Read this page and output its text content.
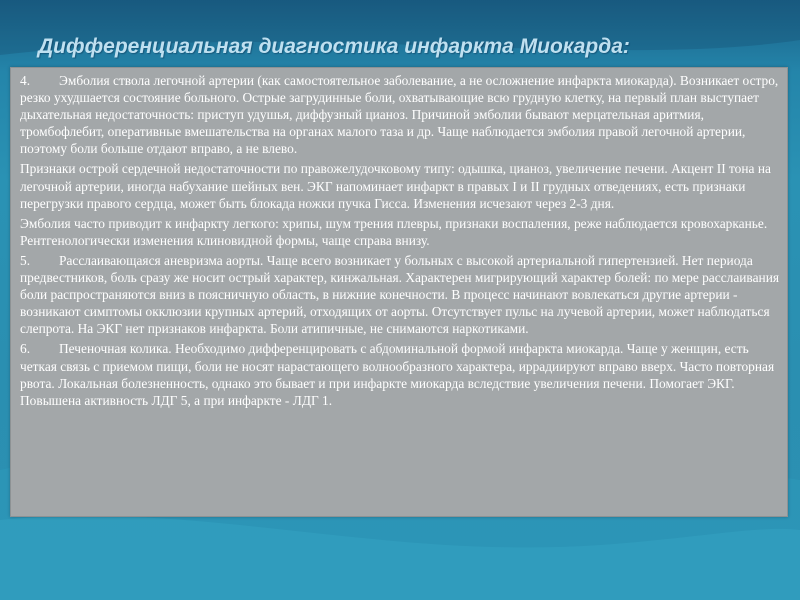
Дифференциальная диагностика инфаркта Миокарда:

4. Эмболия ствола легочной артерии (как самостоятельное заболевание, а не осложнение инфаркта миокарда). Возникает остро, резко ухудшается состояние больного. Острые загрудинные боли, охватывающие всю грудную клетку, на первый план выступает дыхательная недостаточность: приступ удушья, диффузный цианоз. Причиной эмболии бывают мерцательная аритмия, тромбофлебит, оперативные вмешательства на органах малого таза и др. Чаще наблюдается эмболия правой легочной артерии, поэтому боли больше отдают вправо, а не влево.

Признаки острой сердечной недостаточности по правожелудочковому типу: одышка, цианоз, увеличение печени. Акцент II тона на легочной артерии, иногда набухание шейных вен. ЭКГ напоминает инфаркт в правых I и II грудных отведениях, есть признаки перегрузки правого сердца, может быть блокада ножки пучка Гисса. Изменения исчезают через 2-3 дня.

Эмболия часто приводит к инфаркту легкого: хрипы, шум трения плевры, признаки воспаления, реже наблюдается кровохарканье. Рентгенологически изменения клиновидной формы, чаще справа внизу.

5. Расслаивающаяся аневризма аорты. Чаще всего возникает у больных с высокой артериальной гипертензией. Нет периода предвестников, боль сразу же носит острый характер, кинжальная. Характерен мигрирующий характер болей: по мере расслаивания боли распространяются вниз в поясничную область, в нижние конечности. В процесс начинают вовлекаться другие артерии - возникают симптомы окклюзии крупных артерий, отходящих от аорты. Отсутствует пульс на лучевой артерии, может наблюдаться слепрота. На ЭКГ нет признаков инфаркта. Боли атипичные, не снимаются наркотиками.

6. Печеночная колика. Необходимо дифференцировать с абдоминальной формой инфаркта миокарда. Чаще у женщин, есть четкая связь с приемом пищи, боли не носят нарастающего волнообразного характера, иррадиируют вправо вверх. Часто повторная рвота. Локальная болезненность, однако это бывает и при инфаркте миокарда вследствие увеличения печени. Помогает ЭКГ. Повышена активность ЛДГ 5, а при инфаркте - ЛДГ 1.
